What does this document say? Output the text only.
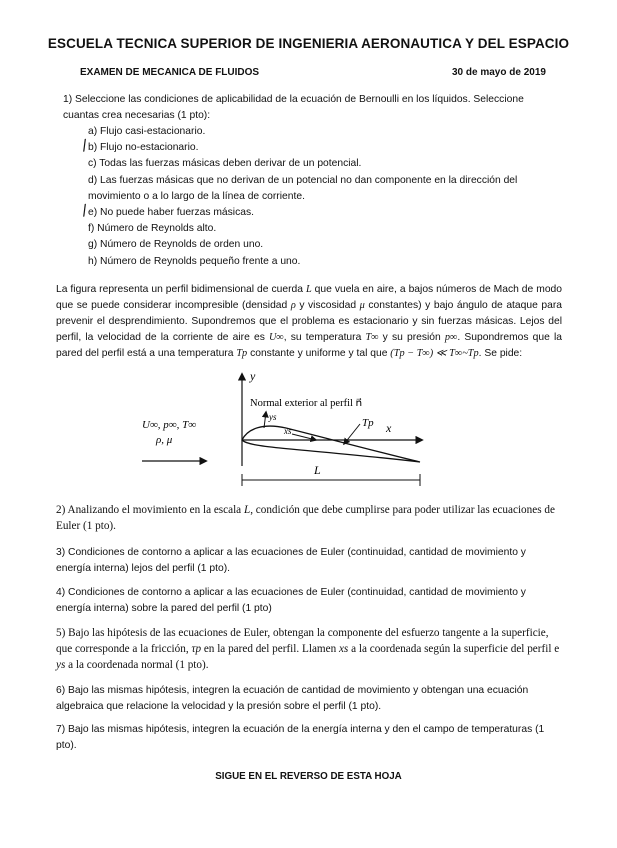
ESCUELA TECNICA SUPERIOR DE INGENIERIA AERONAUTICA Y DEL ESPACIO
EXAMEN DE MECANICA DE FLUIDOS	30 de mayo de 2019
1) Seleccione las condiciones de aplicabilidad de la ecuación de Bernoulli en los líquidos. Seleccione cuantas crea necesarias (1 pto):
a) Flujo casi-estacionario.
/ b) Flujo no-estacionario.
c) Todas las fuerzas másicas deben derivar de un potencial.
d) Las fuerzas másicas que no derivan de un potencial no dan componente en la dirección del movimiento o a lo largo de la línea de corriente.
/ e) No puede haber fuerzas másicas.
f) Número de Reynolds alto.
g) Número de Reynolds de orden uno.
h) Número de Reynolds pequeño frente a uno.
La figura representa un perfil bidimensional de cuerda L que vuela en aire, a bajos números de Mach de modo que se puede considerar incompresible (densidad ρ y viscosidad μ constantes) y bajo ángulo de ataque para prevenir el desprendimiento. Supondremos que el problema es estacionario y sin fuerzas másicas. Lejos del perfil, la velocidad de la corriente de aire es U∞, su temperatura T∞ y su presión p∞. Supondremos que la pared del perfil está a una temperatura Tp constante y uniforme y tal que (Tp − T∞) ≪ T∞~Tp. Se pide:
y
x
Normal exterior al perfil n⃗
ys
xs
Tp
L
U∞, p∞, T∞
ρ, μ
2) Analizando el movimiento en la escala L, condición que debe cumplirse para poder utilizar las ecuaciones de Euler (1 pto).
3) Condiciones de contorno a aplicar a las ecuaciones de Euler (continuidad, cantidad de movimiento y energía interna) lejos del perfil (1 pto).
4) Condiciones de contorno a aplicar a las ecuaciones de Euler (continuidad, cantidad de movimiento y energía interna) sobre la pared del perfil (1 pto)
5) Bajo las hipótesis de las ecuaciones de Euler, obtengan la componente del esfuerzo tangente a la superficie, que corresponde a la fricción, τp en la pared del perfil. Llamen xs a la coordenada según la superficie del perfil e ys a la coordenada normal (1 pto).
6) Bajo las mismas hipótesis, integren la ecuación de cantidad de movimiento y obtengan una ecuación algebraica que relacione la velocidad y la presión sobre el perfil (1 pto).
7) Bajo las mismas hipótesis, integren la ecuación de la energía interna y den el campo de temperaturas (1 pto).
SIGUE EN EL REVERSO DE ESTA HOJA
